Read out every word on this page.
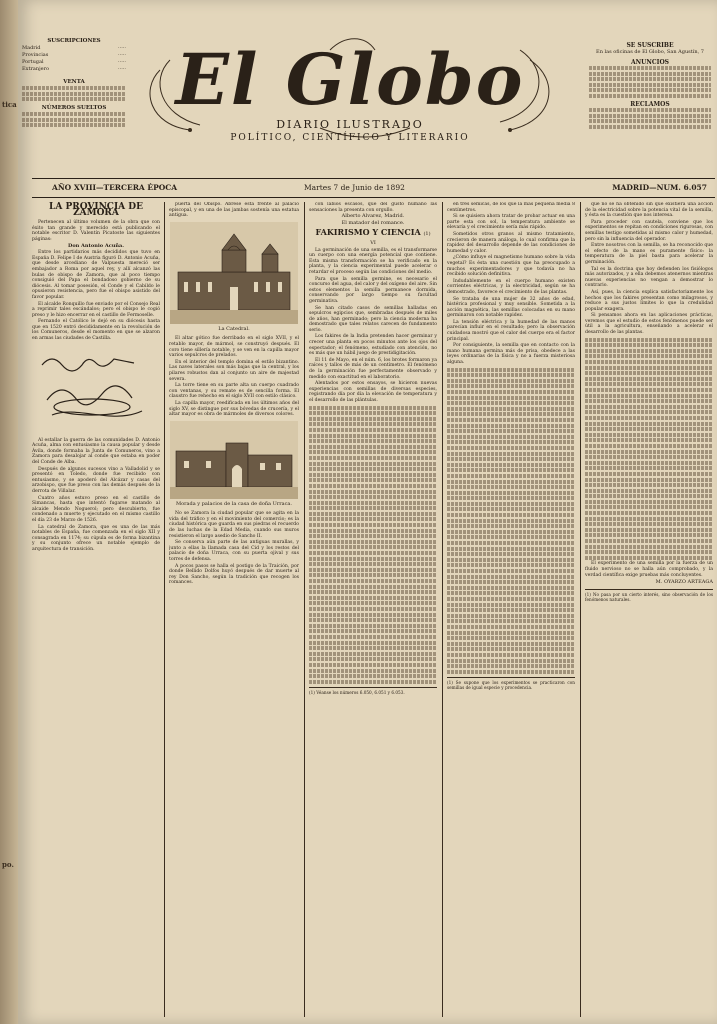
tica
po.
SUSCRIPCIONES
Madrid	·····
Provincias	·····
Portugal	·····
Extranjero	·····
VENTA
NÚMEROS SUELTOS El Globo
DIARIO ILUSTRADO
POLÍTICO, CIENTÍFICO Y LITERARIO
SE SUSCRIBE
En las oficinas de El Globo, San Agustín, 7
ANUNCIOS
RECLAMOS
AÑO XVIII—TERCERA ÉPOCA	Martes 7 de Junio de 1892	MADRID—NUM. 6.057
LA PROVINCIA DE ZAMORA

Pertenecen al último volumen de la obra que con éxito tan grande y merecido está publicando el notable escritor D. Valentín Picatoste las siguientes páginas:

Don Antonio Acuña.

Entre los partidarios más decididos que tuvo en España D. Felipe I de Austria figuró D. Antonio Acuña, que desde arcediano de Valpuesta mereció ser embajador a Roma por aquel rey, y allí alcanzó las bulas de obispo de Zamora, que al poco tiempo consiguió del Papa el bondadoso gobierno de su diócesis. Al tomar posesión, el Conde y el Cabildo le opusieron resistencia, pero fue el obispo asistido del favor popular.

El alcalde Ronquillo fue enviado por el Consejo Real a reprimir tales escándalos; pero el obispo le cogió preso y le hizo encerrar en el castillo de Fermoselle.

Fernando el Católico le dejó en su diócesis hasta que en 1520 entró decididamente en la revolución de los Comuneros, desde el momento en que se alzaron en armas las ciudades de Castilla.

Al estallar la guerra de las comunidades D. Antonio Acuña, alma con entusiasmo la causa popular y desde Ávila, donde formaba la Junta de Comuneros, vino a Zamora para desalojar al conde que estaba en poder del Conde de Alba.

Después de algunos sucesos vino a Valladolid y se presentó en Toledo, donde fue recibido con entusiasmo, y se apoderó del Alcázar y casas del arzobispo, que fue preso con las demás después de la derrota de Villalar.

Cuatro años estuvo preso en el castillo de Simancas, hasta que intentó fugarse matando al alcaide Mendo Noguerol; pero descubierto, fue condenado a muerte y ejecutado en el mismo castillo el día 23 de Marzo de 1526.

La catedral de Zamora, que es una de las más notables de España, fue comenzada en el siglo XII y consagrada en 1174; su cúpula es de forma bizantina y su conjunto ofrece un notable ejemplo de arquitectura de transición.

puerta del Obispo. Abrese esta frente al palacio episcopal, y en una de las jambas sostenía una estatua antigua.

La Catedral.

El altar gótico fue derribado en el siglo XVII, y el retablo mayor, de mármol, se construyó después. El coro tiene sillería notable, y se ven en la capilla mayor varios sepulcros de prelados.

En el interior del templo domina el estilo bizantino. Las naves laterales son más bajas que la central, y los pilares robustos dan al conjunto un aire de majestad severa.

La torre tiene en su parte alta un cuerpo cuadrado con ventanas, y su remate es de sencilla forma. El claustro fue rehecho en el siglo XVII con estilo clásico.

La capilla mayor, reedificada en los últimos años del siglo XV, se distingue por sus bóvedas de crucería, y el altar mayor es obra de mármoles de diversos colores.

Morada y palacios de la casa de doña Urraca.

No se Zamora la ciudad popular que se agita en la vida del tráfico y en el movimiento del comercio; es la ciudad histórica que guarda en sus piedras el recuerdo de las luchas de la Edad Media, cuando sus muros resistieron el largo asedio de Sancho II.

Se conserva aún parte de las antiguas murallas, y junto a ellas la llamada casa del Cid y los restos del palacio de doña Urraca, con su puerta ojival y sus torres de defensa.

A pocos pasos se halla el postigo de la Traición, por donde Bellido Dolfos huyó después de dar muerte al rey Don Sancho, según la tradición que recogen los romances.

con labios escasos, que del gusto humano las sensaciones la presenta con orgullo.

Alberto Alvarez, Madrid.
El matador del romance.
FAKIRISMO Y CIENCIA (1)
VI

La germinación de una semilla, es el transformarse un cuerpo con una energía potencial que contiene. Esta misma transformación se ha verificado en la planta, y la ciencia experimental puede acelerar o retardar el proceso según las condiciones del medio.

Para que la semilla germine, es necesario el concurso del agua, del calor y del oxígeno del aire. Sin estos elementos la semilla permanece dormida, conservando por largo tiempo su facultad germinativa.

Se han citado casos de semillas halladas en sepulcros egipcios que, sembradas después de miles de años, han germinado; pero la ciencia moderna ha demostrado que tales relatos carecen de fundamento serio.

Los fakires de la India pretenden hacer germinar y crecer una planta en pocos minutos ante los ojos del espectador; el fenómeno, estudiado con atención, no es más que un hábil juego de prestidigitación.

El 11 de Mayo, en el núm. 6, los brotes formaron ya raíces y tallos de más de un centímetro. El fenómeno de la germinación fue perfectamente observado y medido con exactitud en el laboratorio.

Alentados por estos ensayos, se hicieron nuevas experiencias con semillas de diversas especies, registrando día por día la elevación de temperatura y el desarrollo de las plántulas.

(1) Véanse los números 6.050, 6.051 y 6.053.

en tres sémicas, de los que la más pequeña medía 8 centímetros.

Si se quisiera ahora tratar de probar actuar en una parte esta con sol, la temperatura ambiente se elevaría y el crecimiento sería más rápido.

Sometidos otros granos al mismo tratamiento, crecieron de manera análoga, lo cual confirma que la rapidez del desarrollo depende de las condiciones de humedad y calor.

¿Cómo influye el magnetismo humano sobre la vida vegetal? Es ésta una cuestión que ha preocupado a muchos experimentadores y que todavía no ha recibido solución definitiva.

Indudablemente en el cuerpo humano existen corrientes eléctricas, y la electricidad, según se ha demostrado, favorece el crecimiento de las plantas.

Se trataba de una mujer de 32 años de edad, histérica profesional y muy sensible. Sometida a la acción magnética, las semillas colocadas en su mano germinaron con notable rapidez.

La tensión eléctrica y la humedad de las manos parecían influir en el resultado; pero la observación cuidadosa mostró que el calor del cuerpo era el factor principal.

Por consiguiente, la semilla que en contacto con la mano humana germina más de prisa, obedece a las leyes ordinarias de la física y no a fuerza misteriosa alguna.

(1) Se supone que los experimentos se practicaron con semillas de igual especie y procedencia.

que no se ha obtenido sin que existiera una acción de la electricidad sobre la potencia vital de la semilla, y ésta es la cuestión que nos interesa.

Para proceder con cautela, conviene que los experimentos se repitan en condiciones rigurosas, con semillas testigo sometidas al mismo calor y humedad, pero sin la influencia del operador.

Entre nosotros con la semilla, se ha reconocido que el efecto de la mano es puramente físico: la temperatura de la piel basta para acelerar la germinación.

Tal es la doctrina que hoy defienden los fisiólogos más autorizados, y a ella debemos atenernos mientras nuevas experiencias no vengan a demostrar lo contrario.

Así, pues, la ciencia explica satisfactoriamente los hechos que los fakires presentan como milagrosos, y reduce a sus justos límites lo que la credulidad popular exagera.

Si pensamos ahora en las aplicaciones prácticas, veremos que el estudio de estos fenómenos puede ser útil a la agricultura, enseñando a acelerar el desarrollo de las plantas.

El experimento de una semilla por la fuerza de un fluido nervioso no se halla aún comprobado, y la verdad científica exige pruebas más concluyentes.

M. OYARZO ARTEAGA
(1) No pasa por un cierto interés, sino observación de los fenómenos naturales.
